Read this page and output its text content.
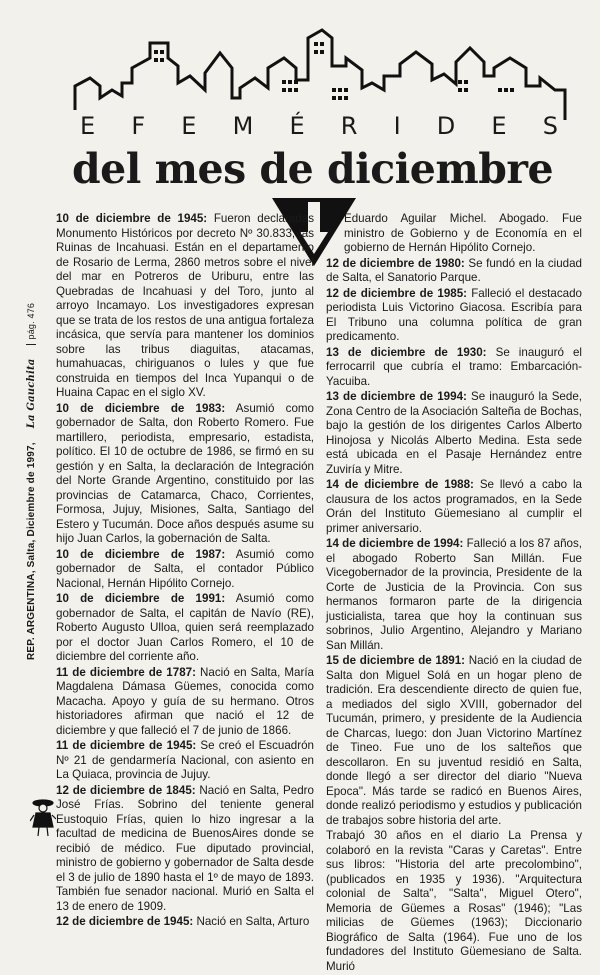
REP. ARGENTINA, Salta, Diciembre de 1997,
La Gauchita
pág. 476
E F E M É R I D E S
del mes de diciembre

10 de diciembre de 1945: Fueron declaradas Monumento Históricos por decreto Nº 30.833, las Ruinas de Incahuasi. Están en el departamento de Rosario de Lerma, 2860 metros sobre el nivel del mar en Potreros de Uriburu, entre las Quebradas de Incahuasi y del Toro, junto al arroyo Incamayo. Los investigadores expresan que se trata de los restos de una antigua fortaleza incásica, que servía para mantener los dominios sobre las tribus diaguitas, atacamas, humahuacas, chiriguanos o lules y que fue construida en tiempos del Inca Yupanqui o de Huaina Capac en el siglo XV.

10 de diciembre de 1983: Asumió como gobernador de Salta, don Roberto Romero. Fue martillero, periodista, empresario, estadista, político. El 10 de octubre de 1986, se firmó en su gestión y en Salta, la declaración de Integración del Norte Grande Argentino, constituido por las provincias de Catamarca, Chaco, Corrientes, Formosa, Jujuy, Misiones, Salta, Santiago del Estero y Tucumán. Doce años después asume su hijo Juan Carlos, la gobernación de Salta.

10 de diciembre de 1987: Asumió como gobernador de Salta, el contador Público Nacional, Hernán Hipólito Cornejo.

10 de diciembre de 1991: Asumió como gobernador de Salta, el capitán de Navío (RE), Roberto Augusto Ulloa, quien será reemplazado por el doctor Juan Carlos Romero, el 10 de diciembre del corriente año.

11 de diciembre de 1787: Nació en Salta, María Magdalena Dámasa Güemes, conocida como Macacha. Apoyo y guía de su hermano. Otros historiadores afirman que nació el 12 de diciembre y que falleció el 7 de junio de 1866.

11 de diciembre de 1945: Se creó el Escuadrón Nº 21 de gendarmería Nacional, con asiento en La Quiaca, provincia de Jujuy.

12 de diciembre de 1845: Nació en Salta, Pedro José Frías. Sobrino del teniente general Eustoquio Frías, quien lo hizo ingresar a la facultad de medicina de BuenosAires donde se recibió de médico. Fue diputado provincial, ministro de gobierno y gobernador de Salta desde el 3 de julio de 1890 hasta el 1º de mayo de 1893. También fue senador nacional. Murió en Salta el 13 de enero de 1909.

12 de diciembre de 1945: Nació en Salta, Arturo

Eduardo Aguilar Michel. Abogado. Fue ministro de Gobierno y de Economía en el gobierno de Hernán Hipólito Cornejo.

12 de diciembre de 1980: Se fundó en la ciudad de Salta, el Sanatorio Parque.

12 de diciembre de 1985: Falleció el destacado periodista Luis Victorino Giacosa. Escribía para El Tribuno una columna política de gran predicamento.

13 de diciembre de 1930: Se inauguró el ferrocarril que cubría el tramo: Embarcación-Yacuiba.

13 de diciembre de 1994: Se inauguró la Sede, Zona Centro de la Asociación Salteña de Bochas, bajo la gestión de los dirigentes Carlos Alberto Hinojosa y Nicolás Alberto Medina. Esta sede está ubicada en el Pasaje Hernández entre Zuviría y Mitre.

14 de diciembre de 1988: Se llevó a cabo la clausura de los actos programados, en la Sede Orán del Instituto Güemesiano al cumplir el primer aniversario.

14 de diciembre de 1994: Falleció a los 87 años, el abogado Roberto San Millán. Fue Vicegobernador de la provincia, Presidente de la Corte de Justicia de la Provincia. Con sus hermanos formaron parte de la dirigencia justicialista, tarea que hoy la continuan sus sobrinos, Julio Argentino, Alejandro y Mariano San Millán.

15 de diciembre de 1891: Nació en la ciudad de Salta don Miguel Solá en un hogar pleno de tradición. Era descendiente directo de quien fue, a mediados del siglo XVIII, gobernador del Tucumán, primero, y presidente de la Audiencia de Charcas, luego: don Juan Victorino Martínez de Tineo. Fue uno de los salteños que descollaron. En su juventud residió en Salta, donde llegó a ser director del diario "Nueva Epoca". Más tarde se radicó en Buenos Aires, donde realizó periodismo y estudios y publicación de trabajos sobre historia del arte.

Trabajó 30 años en el diario La Prensa y colaboró en la revista "Caras y Caretas". Entre sus libros: "Historia del arte precolombino", (publicados en 1935 y 1936). "Arquitectura colonial de Salta", "Salta", Miguel Otero", Memoria de Güemes a Rosas" (1946); "Las milicias de Güemes (1963); Diccionario Biográfico de Salta (1964). Fue uno de los fundadores del Instituto Güemesiano de Salta. Murió
